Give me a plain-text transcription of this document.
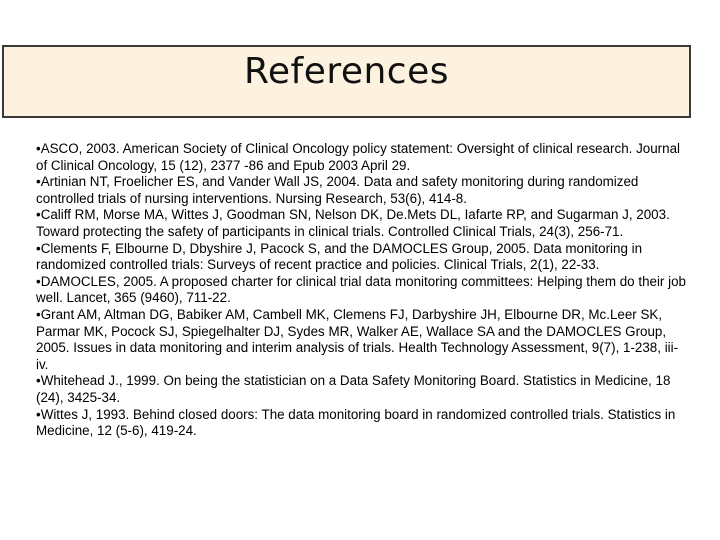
References
•ASCO, 2003. American Society of Clinical Oncology policy statement: Oversight of clinical research. Journal of Clinical Oncology, 15 (12), 2377 -86 and Epub 2003 April 29.
•Artinian NT, Froelicher ES, and Vander Wall JS, 2004. Data and safety monitoring during randomized controlled trials of nursing interventions. Nursing Research, 53(6), 414-8.
•Califf RM, Morse MA, Wittes J, Goodman SN, Nelson DK, De.Mets DL, Iafarte RP, and Sugarman J, 2003. Toward protecting the safety of participants in clinical trials. Controlled Clinical Trials, 24(3), 256-71.
•Clements F, Elbourne D, Dbyshire J, Pacock S, and the DAMOCLES Group, 2005. Data monitoring in randomized controlled trials: Surveys of recent practice and policies. Clinical Trials, 2(1), 22-33.
•DAMOCLES, 2005. A proposed charter for clinical trial data monitoring committees: Helping them do their job well. Lancet, 365 (9460), 711-22.
•Grant AM, Altman DG, Babiker AM, Cambell MK, Clemens FJ, Darbyshire JH, Elbourne DR, Mc.Leer SK, Parmar MK, Pocock SJ, Spiegelhalter DJ, Sydes MR, Walker AE, Wallace SA and the DAMOCLES Group, 2005. Issues in data monitoring and interim analysis of trials. Health Technology Assessment, 9(7), 1-238, iii-iv.
•Whitehead J., 1999. On being the statistician on a Data Safety Monitoring Board. Statistics in Medicine, 18 (24), 3425-34.
•Wittes J, 1993. Behind closed doors: The data monitoring board in randomized controlled trials. Statistics in Medicine, 12 (5-6), 419-24.
